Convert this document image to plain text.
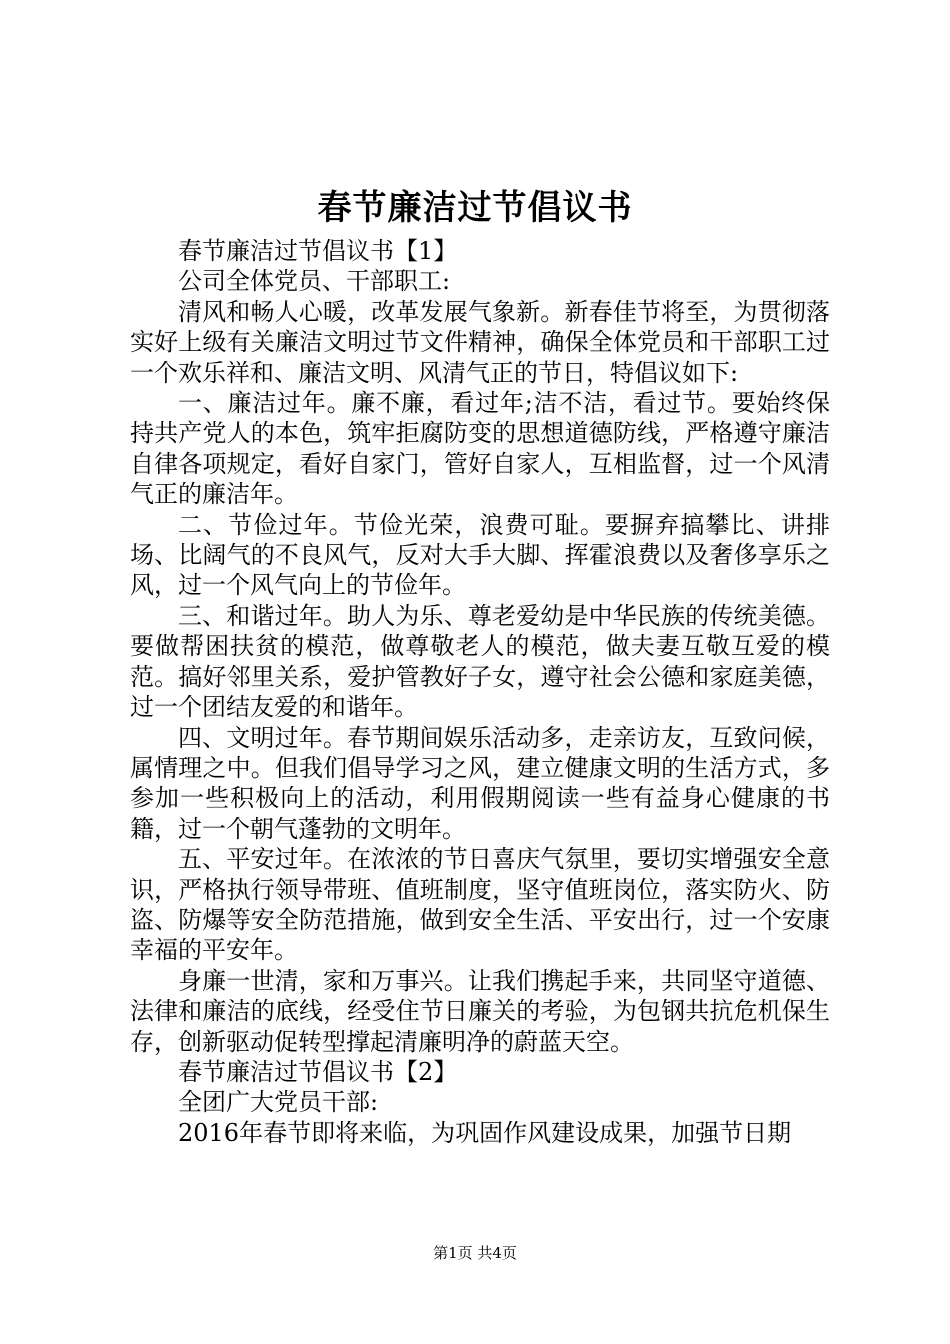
春节廉洁过节倡议书

春节廉洁过节倡议书【1】

公司全体党员、干部职工:

清风和畅人心暖，改革发展气象新。新春佳节将至，为贯彻落实好上级有关廉洁文明过节文件精神，确保全体党员和干部职工过一个欢乐祥和、廉洁文明、风清气正的节日，特倡议如下:

一、廉洁过年。廉不廉，看过年;洁不洁，看过节。要始终保持共产党人的本色，筑牢拒腐防变的思想道德防线，严格遵守廉洁自律各项规定，看好自家门，管好自家人，互相监督，过一个风清气正的廉洁年。

二、节俭过年。节俭光荣，浪费可耻。要摒弃搞攀比、讲排场、比阔气的不良风气，反对大手大脚、挥霍浪费以及奢侈享乐之风，过一个风气向上的节俭年。

三、和谐过年。助人为乐、尊老爱幼是中华民族的传统美德。要做帮困扶贫的模范，做尊敬老人的模范，做夫妻互敬互爱的模范。搞好邻里关系，爱护管教好子女，遵守社会公德和家庭美德，过一个团结友爱的和谐年。

四、文明过年。春节期间娱乐活动多，走亲访友，互致问候，属情理之中。但我们倡导学习之风，建立健康文明的生活方式，多参加一些积极向上的活动，利用假期阅读一些有益身心健康的书籍，过一个朝气蓬勃的文明年。

五、平安过年。在浓浓的节日喜庆气氛里，要切实增强安全意识，严格执行领导带班、值班制度，坚守值班岗位，落实防火、防盗、防爆等安全防范措施，做到安全生活、平安出行，过一个安康幸福的平安年。

身廉一世清，家和万事兴。让我们携起手来，共同坚守道德、法律和廉洁的底线，经受住节日廉关的考验，为包钢共抗危机保生存，创新驱动促转型撑起清廉明净的蔚蓝天空。

春节廉洁过节倡议书【2】

全团广大党员干部:

2016年春节即将来临，为巩固作风建设成果，加强节日期

第1页 共4页
